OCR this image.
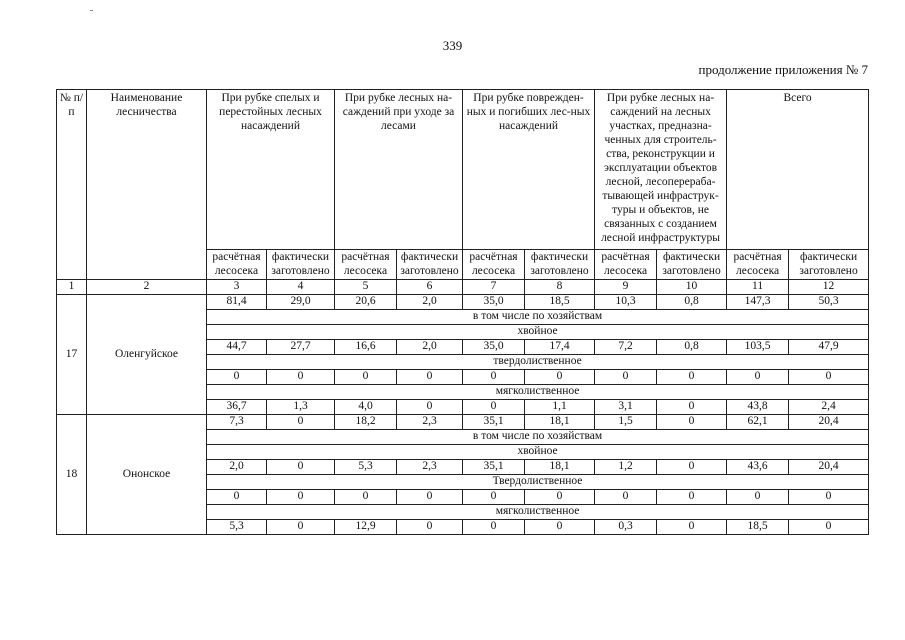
339
продолжение приложения № 7
№ п/п	Наименование лесничества	При рубке спелых и перестойных лесных насаждений		При рубке лесных на-саждений при уходе за лесами		При рубке поврежден-ных и погибших лес-ных насаждений		При рубке лесных на-саждений на лесных участках, предназна-ченных для строитель-ства, реконструкции и эксплуатации объектов лесной, лесоперераба-тывающей инфраструк-туры и объектов, не связанных с созданием лесной инфраструктуры		Всего	
		расчётная лесосека	фактически заготовлено	расчётная лесосека	фактически заготовлено	расчётная лесосека	фактически заготовлено	расчётная лесосека	фактически заготовлено	расчётная лесосека	фактически заготовлено
1	2	3	4	5	6	7	8	9	10	11	12
17	Оленгуйское	81,4	29,0	20,6	2,0	35,0	18,5	10,3	0,8	147,3	50,3
		в том числе по хозяйствам									
		хвойное									
		44,7	27,7	16,6	2,0	35,0	17,4	7,2	0,8	103,5	47,9
		твердолиственное									
		0	0	0	0	0	0	0	0	0	0
		мягколиственное									
		36,7	1,3	4,0	0	0	1,1	3,1	0	43,8	2,4
18	Ононское	7,3	0	18,2	2,3	35,1	18,1	1,5	0	62,1	20,4
		в том числе по хозяйствам									
		хвойное									
		2,0	0	5,3	2,3	35,1	18,1	1,2	0	43,6	20,4
		Твердолиственное									
		0	0	0	0	0	0	0	0	0	0
		мягколиственное									
		5,3	0	12,9	0	0	0	0,3	0	18,5	0
